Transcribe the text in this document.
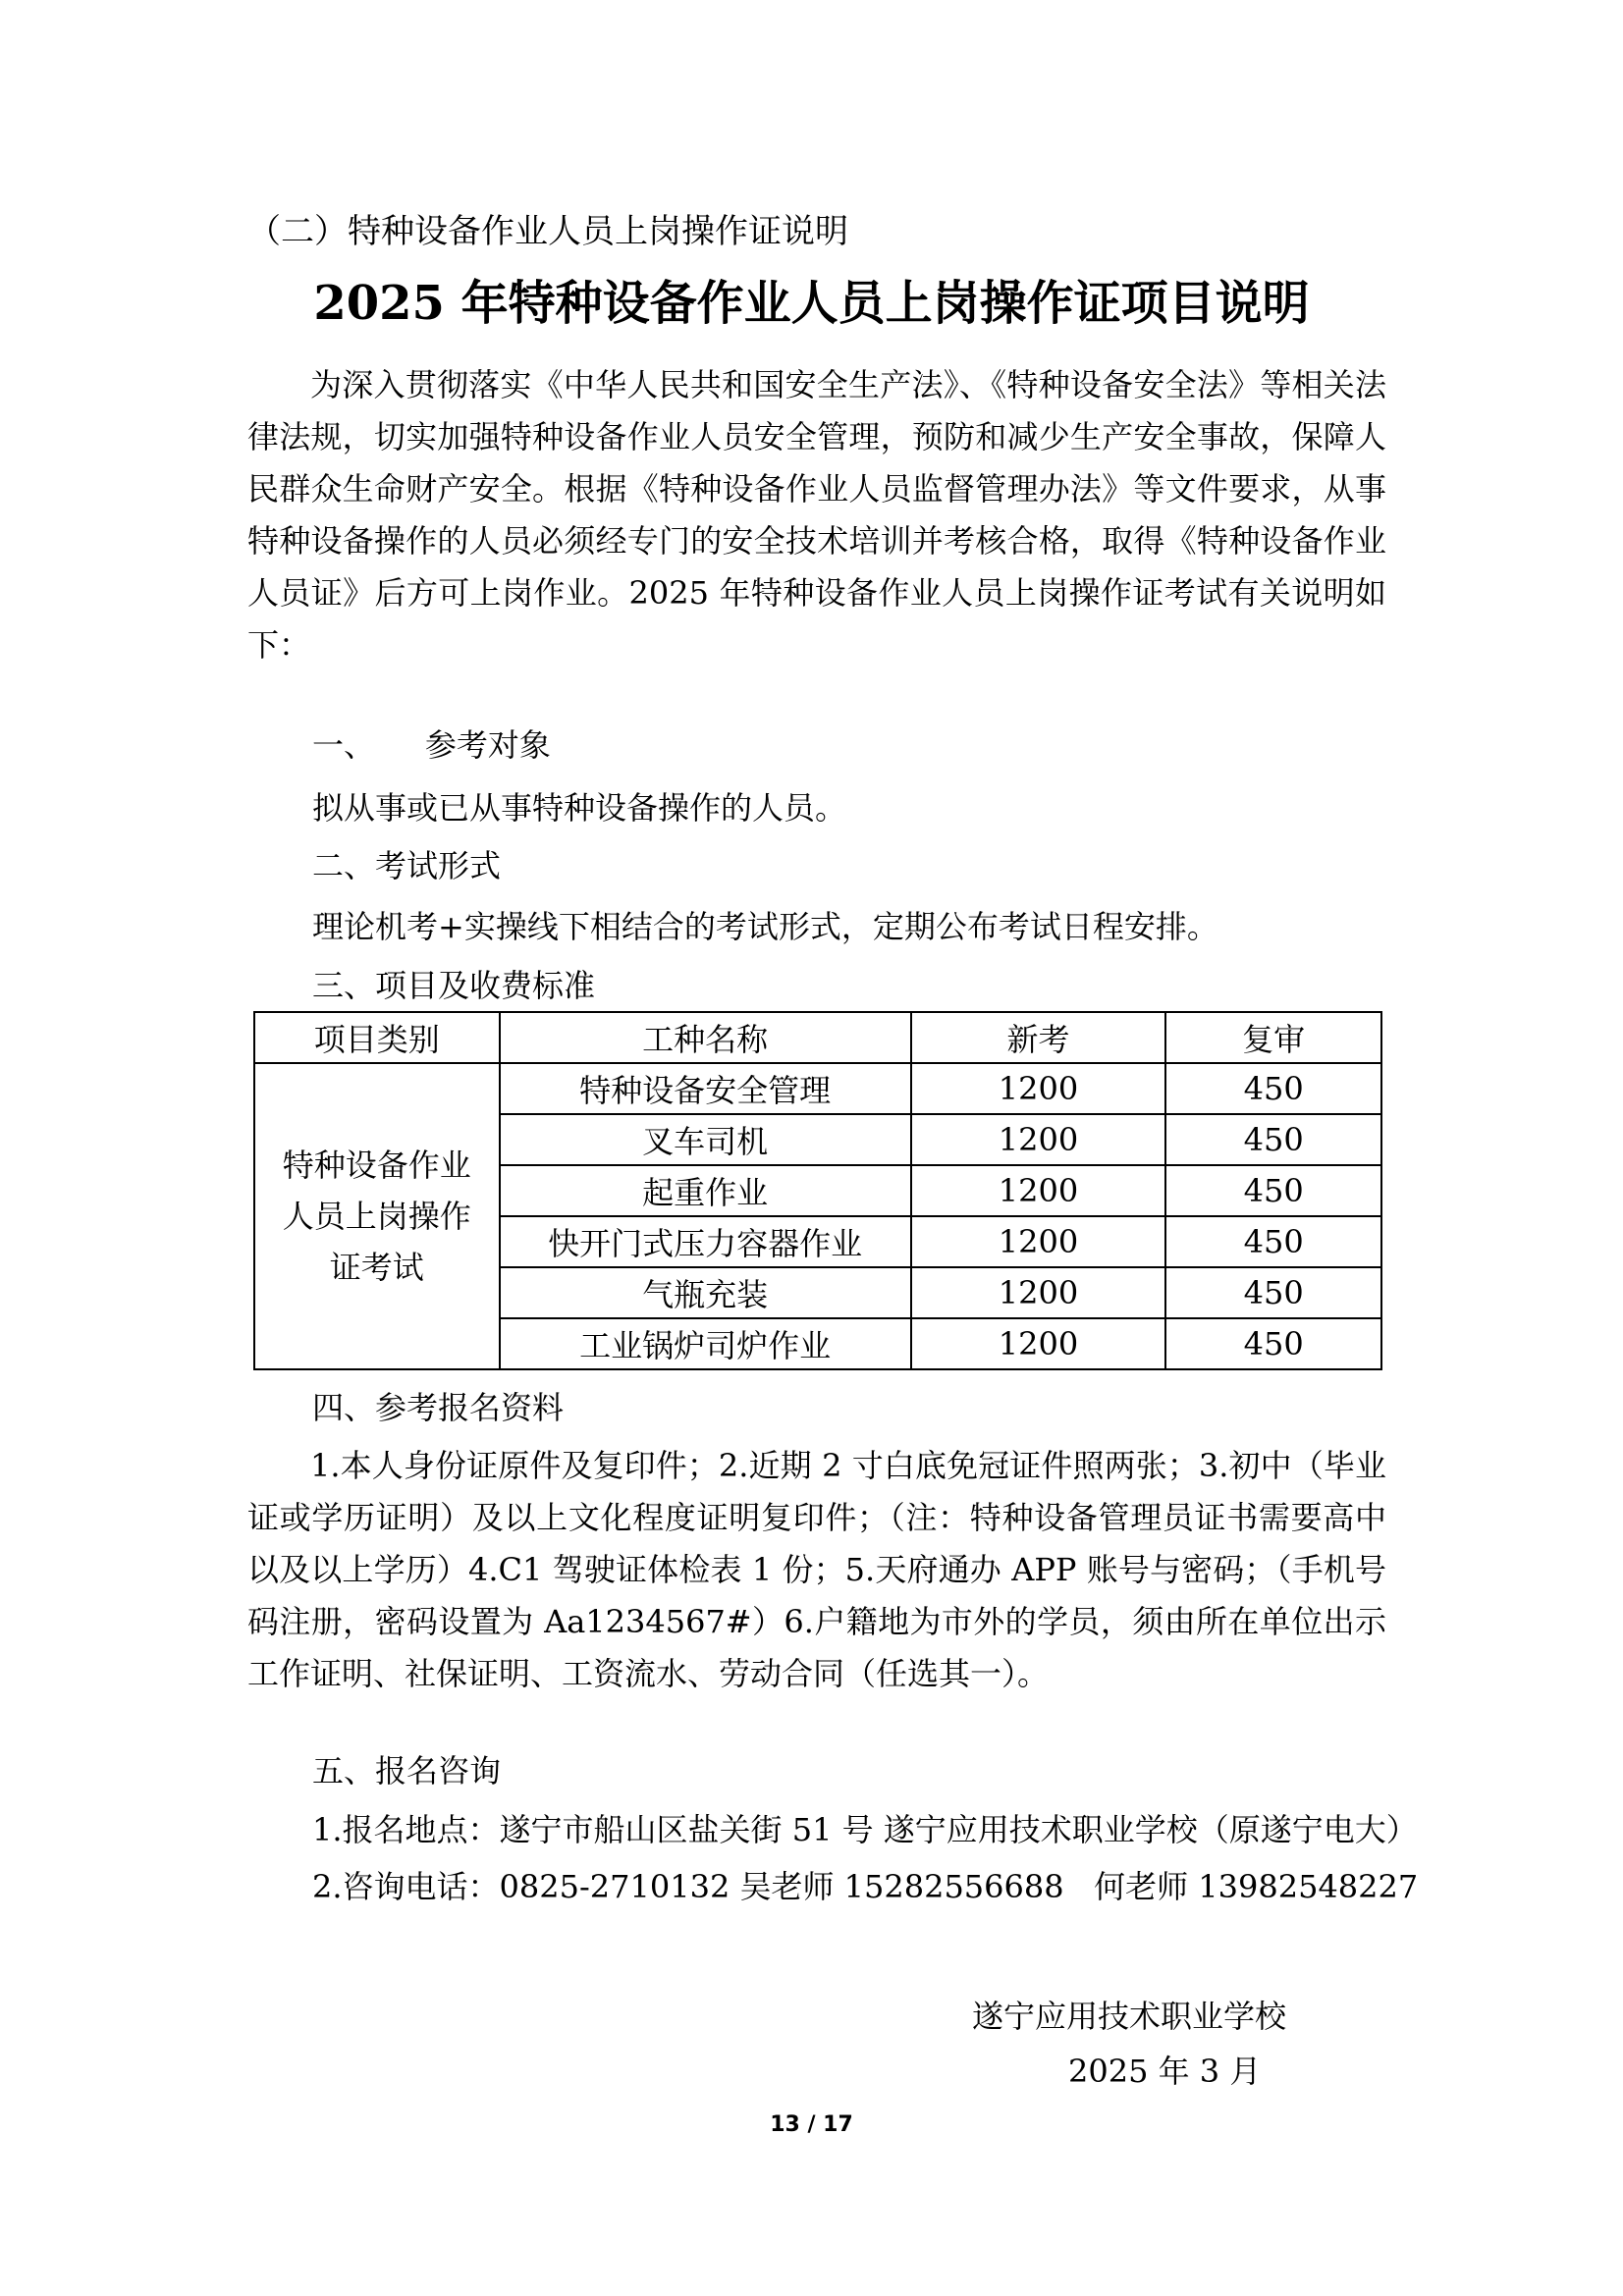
（二）特种设备作业人员上岗操作证说明
2025 年特种设备作业人员上岗操作证项目说明

为深入贯彻落实《中华人民共和国安全生产法》、《特种设备安全法》等相关法律法规，切实加强特种设备作业人员安全管理，预防和减少生产安全事故，保障人民群众生命财产安全。根据《特种设备作业人员监督管理办法》等文件要求，从事特种设备操作的人员必须经专门的安全技术培训并考核合格，取得《特种设备作业人员证》后方可上岗作业。2025 年特种设备作业人员上岗操作证考试有关说明如下：

一、     参考对象
拟从事或已从事特种设备操作的人员。
二、考试形式
理论机考+实操线下相结合的考试形式，定期公布考试日程安排。
三、项目及收费标准
项目类别	工种名称	新考	复审

特种设备作业
人员上岗操作
证考试	特种设备安全管理	1200	450
	叉车司机	1200	450
	起重作业	1200	450
	快开门式压力容器作业	1200	450
	气瓶充装	1200	450
	工业锅炉司炉作业	1200	450
四、参考报名资料

1.本人身份证原件及复印件；2.近期 2 寸白底免冠证件照两张；3.初中（毕业证或学历证明）及以上文化程度证明复印件；（注：特种设备管理员证书需要高中以及以上学历）4.C1 驾驶证体检表 1 份；5.天府通办 APP 账号与密码；（手机号码注册，密码设置为 Aa1234567#）6.户籍地为市外的学员，须由所在单位出示工作证明、社保证明、工资流水、劳动合同（任选其一）。

五、报名咨询
1.报名地点：遂宁市船山区盐关街 51 号 遂宁应用技术职业学校（原遂宁电大）
2.咨询电话：0825-2710132 吴老师 15282556688   何老师 13982548227
遂宁应用技术职业学校
2025 年 3 月
13 / 17
